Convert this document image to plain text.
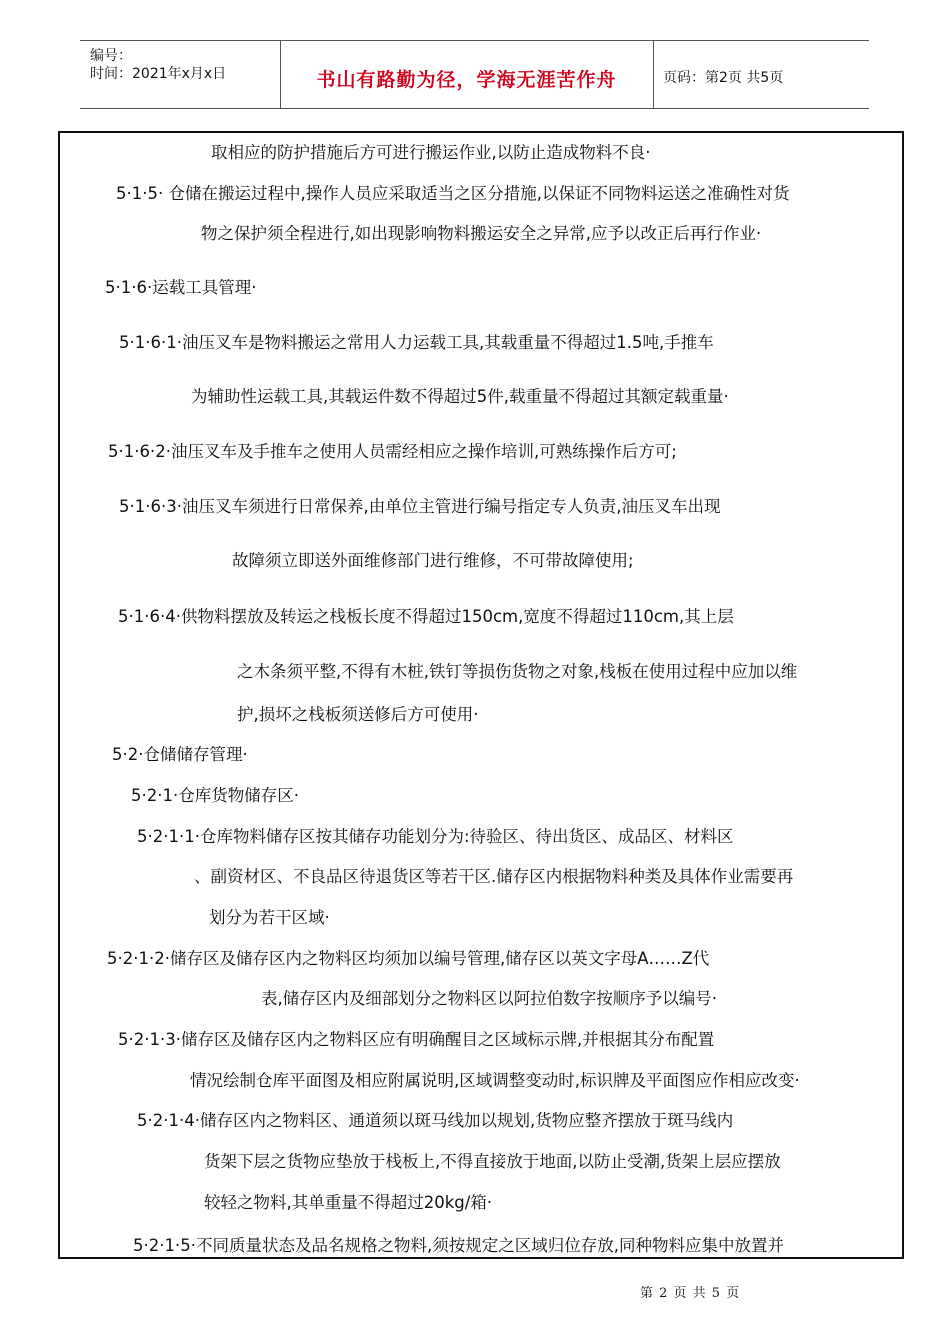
编号：
时间：2021年x月x日	书山有路勤为径，学海无涯苦作舟	页码：第2页 共5页
取相应的防护措施后方可进行搬运作业,以防止造成物料不良·
5·1·5· 仓储在搬运过程中,操作人员应采取适当之区分措施,以保证不同物料运送之准确性对货
物之保护须全程进行,如出现影响物料搬运安全之异常,应予以改正后再行作业·
5·1·6·运载工具管理·
5·1·6·1·油压叉车是物料搬运之常用人力运载工具,其载重量不得超过1.5吨,手推车
为辅助性运载工具,其载运件数不得超过5件,载重量不得超过其额定载重量·
5·1·6·2·油压叉车及手推车之使用人员需经相应之操作培训,可熟练操作后方可;
5·1·6·3·油压叉车须进行日常保养,由单位主管进行编号指定专人负责,油压叉车出现
故障须立即送外面维修部门进行维修，不可带故障使用;
5·1·6·4·供物料摆放及转运之栈板长度不得超过150cm,宽度不得超过110cm,其上层
之木条须平整,不得有木桩,铁钉等损伤货物之对象,栈板在使用过程中应加以维
护,损坏之栈板须送修后方可使用·
5·2·仓储储存管理·
5·2·1·仓库货物储存区·
5·2·1·1·仓库物料储存区按其储存功能划分为:待验区、待出货区、成品区、材料区
、副资材区、不良品区待退货区等若干区.储存区内根据物料种类及具体作业需要再
划分为若干区域·
5·2·1·2·储存区及储存区内之物料区均须加以编号管理,储存区以英文字母A……Z代
表,储存区内及细部划分之物料区以阿拉伯数字按顺序予以编号·
5·2·1·3·储存区及储存区内之物料区应有明确醒目之区域标示牌,并根据其分布配置
情况绘制仓库平面图及相应附属说明,区域调整变动时,标识牌及平面图应作相应改变·
5·2·1·4·储存区内之物料区、通道须以斑马线加以规划,货物应整齐摆放于斑马线内
货架下层之货物应垫放于栈板上,不得直接放于地面,以防止受潮,货架上层应摆放
较轻之物料,其单重量不得超过20kg/箱·
5·2·1·5·不同质量状态及品名规格之物料,须按规定之区域归位存放,同种物料应集中放置并
第 2 页 共 5 页
